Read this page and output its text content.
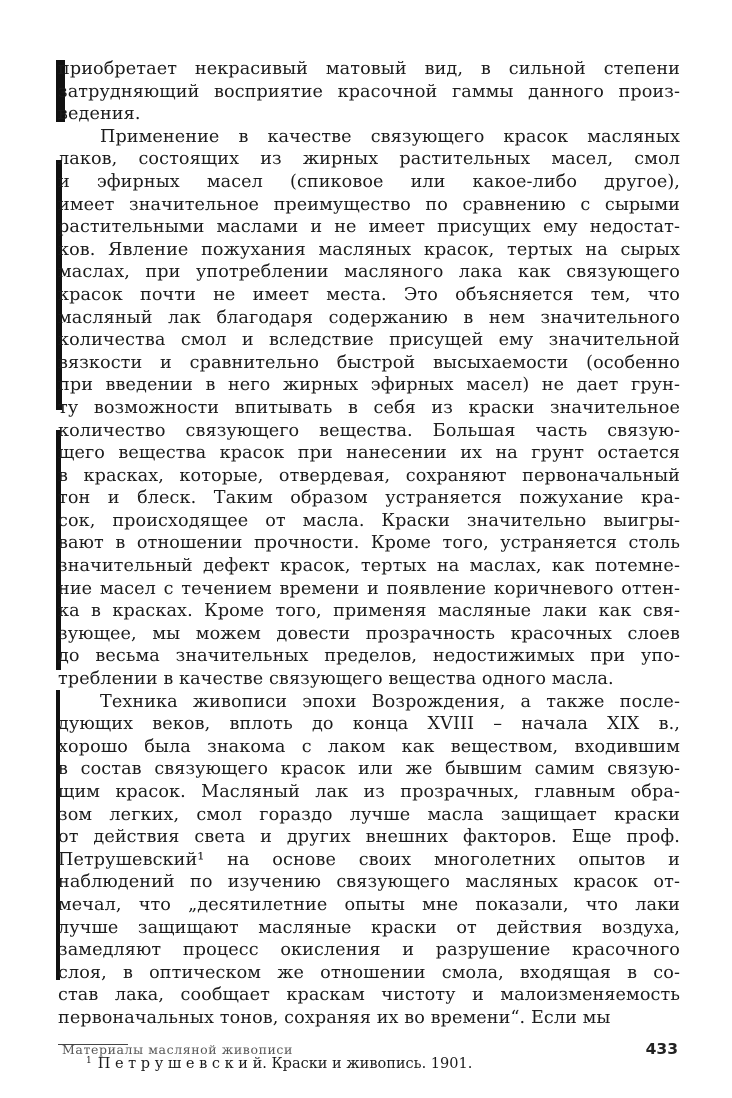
приобретает некрасивый матовый вид, в сильной степени
затрудняющий восприятие красочной гаммы данного произ-
ведения.
Применение в качестве связующего красок масляных
лаков, состоящих из жирных растительных масел, смол
и эфирных масел (спиковое или какое-либо другое),
имеет значительное преимущество по сравнению с сырыми
растительными маслами и не имеет присущих ему недостат-
ков. Явление пожухания масляных красок, тертых на сырых
маслах, при употреблении масляного лака как связующего
красок почти не имеет места. Это объясняется тем, что
масляный лак благодаря содержанию в нем значительного
количества смол и вследствие присущей ему значительной
вязкости и сравнительно быстрой высыхаемости (особенно
при введении в него жирных эфирных масел) не дает грун-
ту возможности впитывать в себя из краски значительное
количество связующего вещества. Большая часть связую-
щего вещества красок при нанесении их на грунт остается
в красках, которые, отвердевая, сохраняют первоначальный
тон и блеск. Таким образом устраняется пожухание кра-
сок, происходящее от масла. Краски значительно выигры-
вают в отношении прочности. Кроме того, устраняется столь
значительный дефект красок, тертых на маслах, как потемне-
ние масел с течением времени и появление коричневого оттен-
ка в красках. Кроме того, применяя масляные лаки как свя-
зующее, мы можем довести прозрачность красочных слоев
до весьма значительных пределов, недостижимых при упо-
треблении в качестве связующего вещества одного масла.
Техника живописи эпохи Возрождения, а также после-
дующих веков, вплоть до конца XVIII – начала XIX в.,
хорошо была знакома с лаком как веществом, входившим
в состав связующего красок или же бывшим самим связую-
щим красок. Масляный лак из прозрачных, главным обра-
зом легких, смол гораздо лучше масла защищает краски
от действия света и других внешних факторов. Еще проф.
Петрушевский¹ на основе своих многолетних опытов и
наблюдений по изучению связующего масляных красок от-
мечал, что „десятилетние опыты мне показали, что лаки
лучше защищают масляные краски от действия воздуха,
замедляют процесс окисления и разрушение красочного
слоя, в оптическом же отношении смола, входящая в со-
став лака, сообщает краскам чистоту и малоизменяемость
первоначальных тонов, сохраняя их во времени“. Если мы
$^1$ П е т р у ш е в с к и й. Краски и живопись. 1901.
Материалы масляной живописи	433
